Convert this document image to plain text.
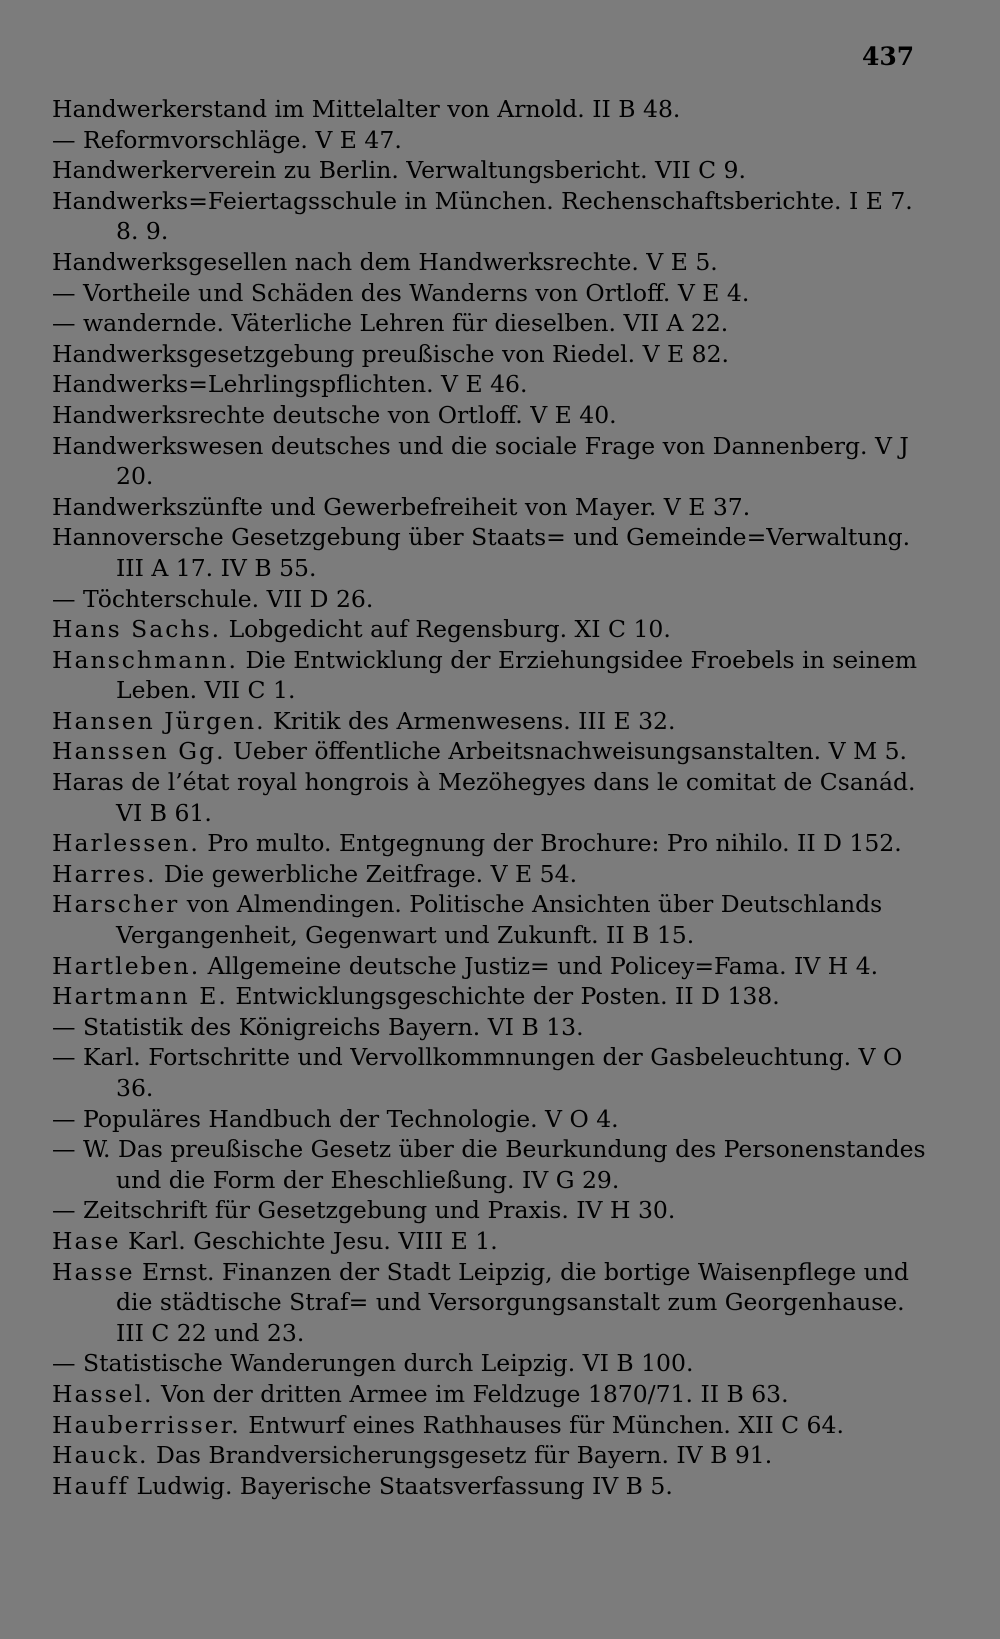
437

Handwerkerstand im Mittelalter von Arnold. II B 48.

— Reformvorschläge. V E 47.

Handwerkerverein zu Berlin. Verwaltungsbericht. VII C 9.

Handwerks=Feiertagsschule in München. Rechenschaftsberichte. I E 7. 8. 9.

Handwerksgesellen nach dem Handwerksrechte. V E 5.

— Vortheile und Schäden des Wanderns von Ortloff. V E 4.

— wandernde. Väterliche Lehren für dieselben. VII A 22.

Handwerksgesetzgebung preußische von Riedel. V E 82.

Handwerks=Lehrlingspflichten. V E 46.

Handwerksrechte deutsche von Ortloff. V E 40.

Handwerkswesen deutsches und die sociale Frage von Dannenberg. V J 20.

Handwerkszünfte und Gewerbefreiheit von Mayer. V E 37.

Hannoversche Gesetzgebung über Staats= und Gemeinde=Verwaltung. III A 17. IV B 55.

— Töchterschule. VII D 26.

Hans Sachs. Lobgedicht auf Regensburg. XI C 10.

Hanschmann. Die Entwicklung der Erziehungsidee Froebels in seinem Leben. VII C 1.

Hansen Jürgen. Kritik des Armenwesens. III E 32.

Hanssen Gg. Ueber öffentliche Arbeitsnachweisungsanstalten. V M 5.

Haras de l’état royal hongrois à Mezöhegyes dans le comitat de Csanád. VI B 61.

Harlessen. Pro multo. Entgegnung der Brochure: Pro nihilo. II D 152.

Harres. Die gewerbliche Zeitfrage. V E 54.

Harscher von Almendingen. Politische Ansichten über Deutschlands Vergangenheit, Gegenwart und Zukunft. II B 15.

Hartleben. Allgemeine deutsche Justiz= und Policey=Fama. IV H 4.

Hartmann E. Entwicklungsgeschichte der Posten. II D 138.

— Statistik des Königreichs Bayern. VI B 13.

— Karl. Fortschritte und Vervollkommnungen der Gasbeleuchtung. V O 36.

— Populäres Handbuch der Technologie. V O 4.

— W. Das preußische Gesetz über die Beurkundung des Personenstandes und die Form der Eheschließung. IV G 29.

— Zeitschrift für Gesetzgebung und Praxis. IV H 30.

Hase Karl. Geschichte Jesu. VIII E 1.

Hasse Ernst. Finanzen der Stadt Leipzig, die bortige Waisenpflege und die städtische Straf= und Versorgungsanstalt zum Georgenhause. III C 22 und 23.

— Statistische Wanderungen durch Leipzig. VI B 100.

Hassel. Von der dritten Armee im Feldzuge 1870/71. II B 63.

Hauberrisser. Entwurf eines Rathhauses für München. XII C 64.

Hauck. Das Brandversicherungsgesetz für Bayern. IV B 91.

Hauff Ludwig. Bayerische Staatsverfassung IV B 5.
